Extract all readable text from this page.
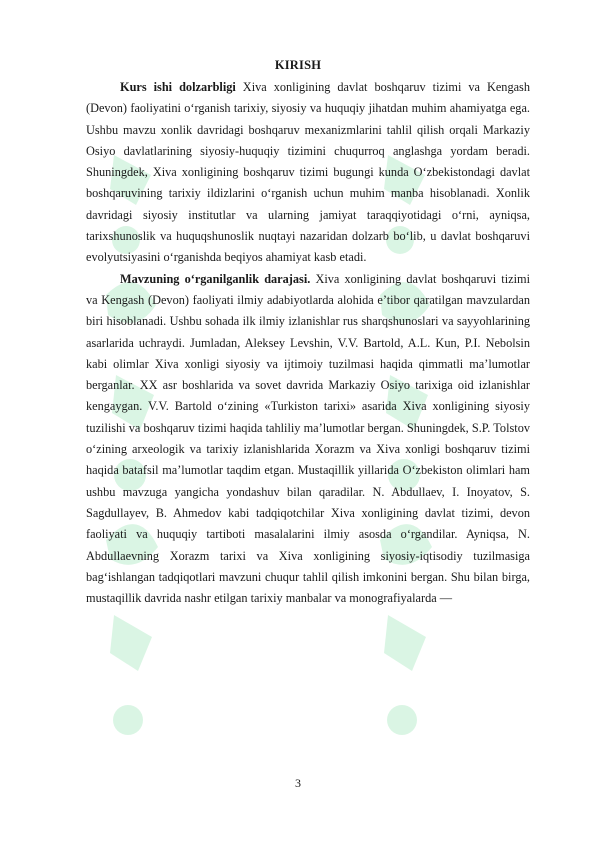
KIRISH

Kurs ishi dolzarbligi Xiva xonligining davlat boshqaruv tizimi va Kengash (Devon) faoliyatini o‘rganish tarixiy, siyosiy va huquqiy jihatdan muhim ahamiyatga ega. Ushbu mavzu xonlik davridagi boshqaruv mexanizmlarini tahlil qilish orqali Markaziy Osiyo davlatlarining siyosiy-huquqiy tizimini chuqurroq anglashga yordam beradi. Shuningdek, Xiva xonligining boshqaruv tizimi bugungi kunda O‘zbekistondagi davlat boshqaruvining tarixiy ildizlarini o‘rganish uchun muhim manba hisoblanadi. Xonlik davridagi siyosiy institutlar va ularning jamiyat taraqqiyotidagi o‘rni, ayniqsa, tarixshunoslik va huquqshunoslik nuqtayi nazaridan dolzarb bo‘lib, u davlat boshqaruvi evolyutsiyasini o‘rganishda beqiyos ahamiyat kasb etadi.

Mavzuning o‘rganilganlik darajasi. Xiva xonligining davlat boshqaruvi tizimi va Kengash (Devon) faoliyati ilmiy adabiyotlarda alohida e’tibor qaratilgan mavzulardan biri hisoblanadi. Ushbu sohada ilk ilmiy izlanishlar rus sharqshunoslari va sayyohlarining asarlarida uchraydi. Jumladan, Aleksey Levshin, V.V. Bartold, A.L. Kun, P.I. Nebolsin kabi olimlar Xiva xonligi siyosiy va ijtimoiy tuzilmasi haqida qimmatli ma’lumotlar berganlar. XX asr boshlarida va sovet davrida Markaziy Osiyo tarixiga oid izlanishlar kengaygan. V.V. Bartold o‘zining «Turkiston tarixi» asarida Xiva xonligining siyosiy tuzilishi va boshqaruv tizimi haqida tahliliy ma’lumotlar bergan. Shuningdek, S.P. Tolstov o‘zining arxeologik va tarixiy izlanishlarida Xorazm va Xiva xonligi boshqaruv tizimi haqida batafsil ma’lumotlar taqdim etgan. Mustaqillik yillarida O‘zbekiston olimlari ham ushbu mavzuga yangicha yondashuv bilan qaradilar. N. Abdullaev, I. Inoyatov, S. Sagdullayev, B. Ahmedov kabi tadqiqotchilar Xiva xonligining davlat tizimi, devon faoliyati va huquqiy tartiboti masalalarini ilmiy asosda o‘rgandilar. Ayniqsa, N. Abdullaevning Xorazm tarixi va Xiva xonligining siyosiy-iqtisodiy tuzilmasiga bag‘ishlangan tadqiqotlari mavzuni chuqur tahlil qilish imkonini bergan. Shu bilan birga, mustaqillik davrida nashr etilgan tarixiy manbalar va monografiyalarda —

3
